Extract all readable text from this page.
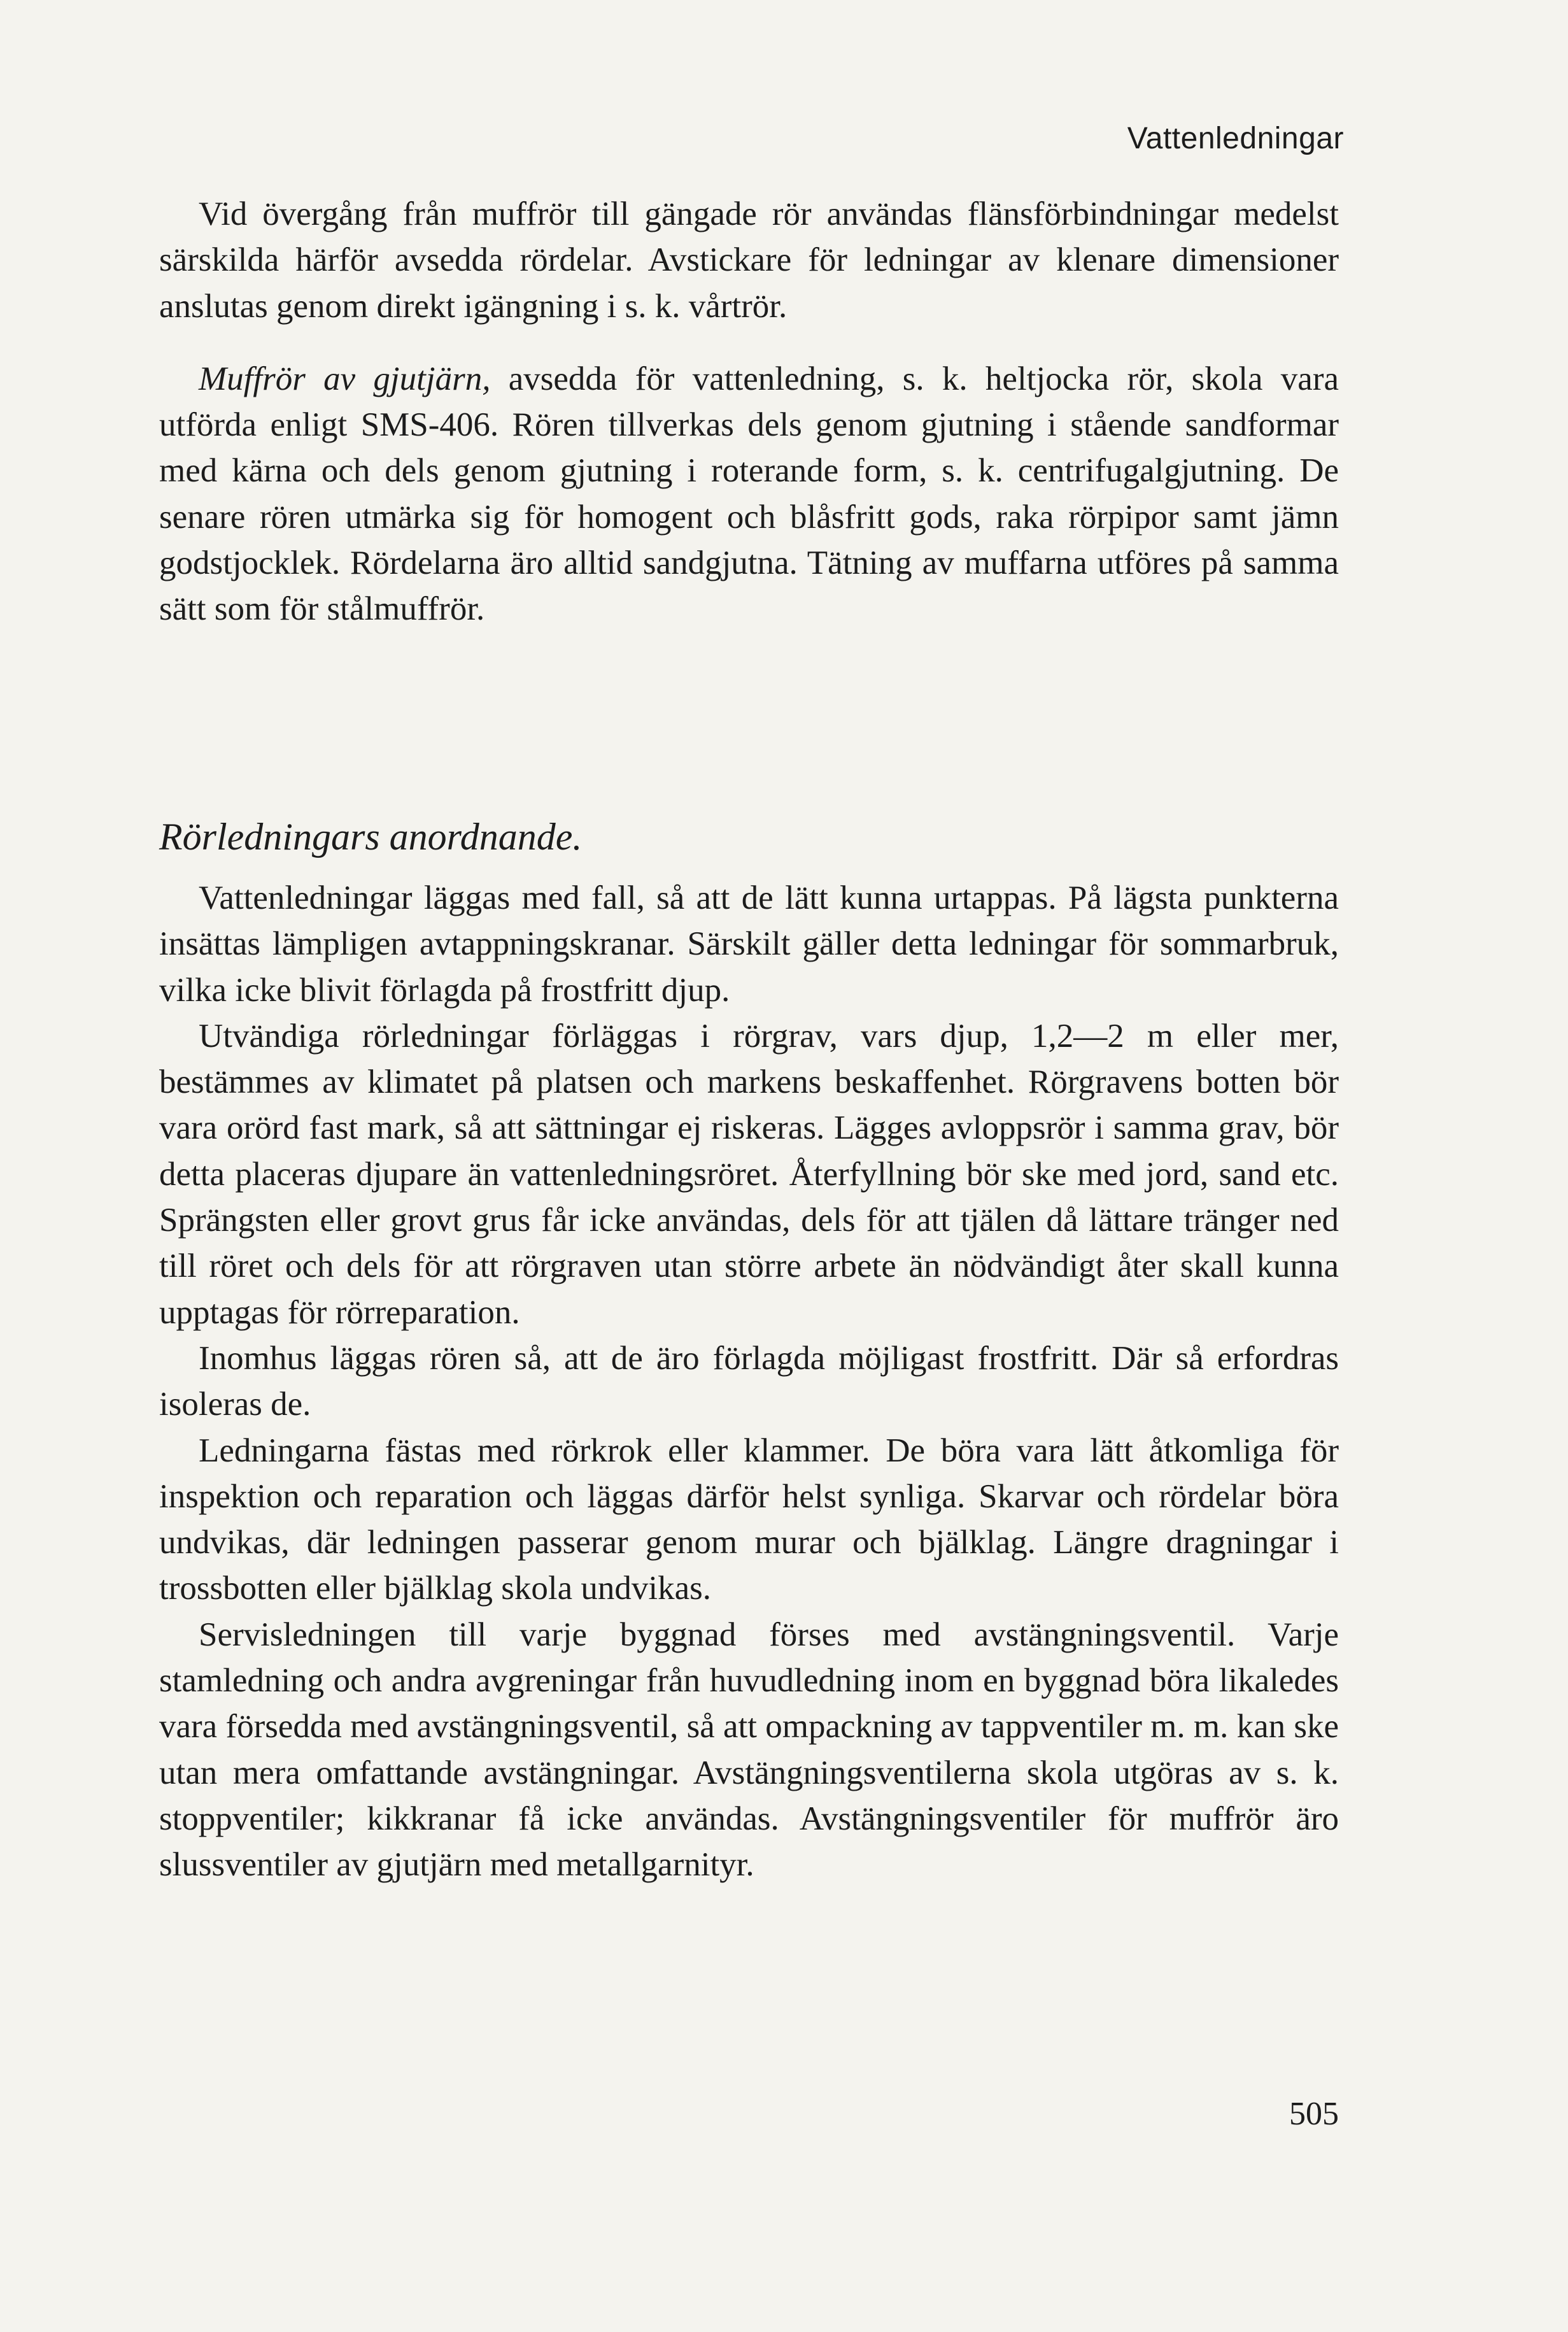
Vattenledningar

Vid övergång från muffrör till gängade rör användas flänsförbindningar medelst särskilda härför avsedda rördelar. Avstickare för ledningar av klenare dimensioner anslutas genom direkt igängning i s. k. vårtrör.

Muffrör av gjutjärn, avsedda för vattenledning, s. k. heltjocka rör, skola vara utförda enligt SMS-406. Rören tillverkas dels genom gjutning i stående sandformar med kärna och dels genom gjutning i roterande form, s. k. centrifugalgjutning. De senare rören utmärka sig för homogent och blåsfritt gods, raka rörpipor samt jämn godstjocklek. Rördelarna äro alltid sandgjutna. Tätning av muffarna utföres på samma sätt som för stålmuffrör.

Rörledningars anordnande.

Vattenledningar läggas med fall, så att de lätt kunna urtappas. På lägsta punkterna insättas lämpligen avtappningskranar. Särskilt gäller detta ledningar för sommarbruk, vilka icke blivit förlagda på frostfritt djup.

Utvändiga rörledningar förläggas i rörgrav, vars djup, 1,2—2 m eller mer, bestämmes av klimatet på platsen och markens beskaffenhet. Rörgravens botten bör vara orörd fast mark, så att sättningar ej riskeras. Lägges avloppsrör i samma grav, bör detta placeras djupare än vattenledningsröret. Återfyllning bör ske med jord, sand etc. Sprängsten eller grovt grus får icke användas, dels för att tjälen då lättare tränger ned till röret och dels för att rörgraven utan större arbete än nödvändigt åter skall kunna upptagas för rörreparation.

Inomhus läggas rören så, att de äro förlagda möjligast frostfritt. Där så erfordras isoleras de.

Ledningarna fästas med rörkrok eller klammer. De böra vara lätt åtkomliga för inspektion och reparation och läggas därför helst synliga. Skarvar och rördelar böra undvikas, där ledningen passerar genom murar och bjälklag. Längre dragningar i trossbotten eller bjälklag skola undvikas.

Servisledningen till varje byggnad förses med avstängningsventil. Varje stamledning och andra avgreningar från huvudledning inom en byggnad böra likaledes vara försedda med avstängningsventil, så att ompackning av tappventiler m. m. kan ske utan mera omfattande avstängningar. Avstängningsventilerna skola utgöras av s. k. stoppventiler; kikkranar få icke användas. Avstängningsventiler för muffrör äro slussventiler av gjutjärn med metallgarnityr.

505
